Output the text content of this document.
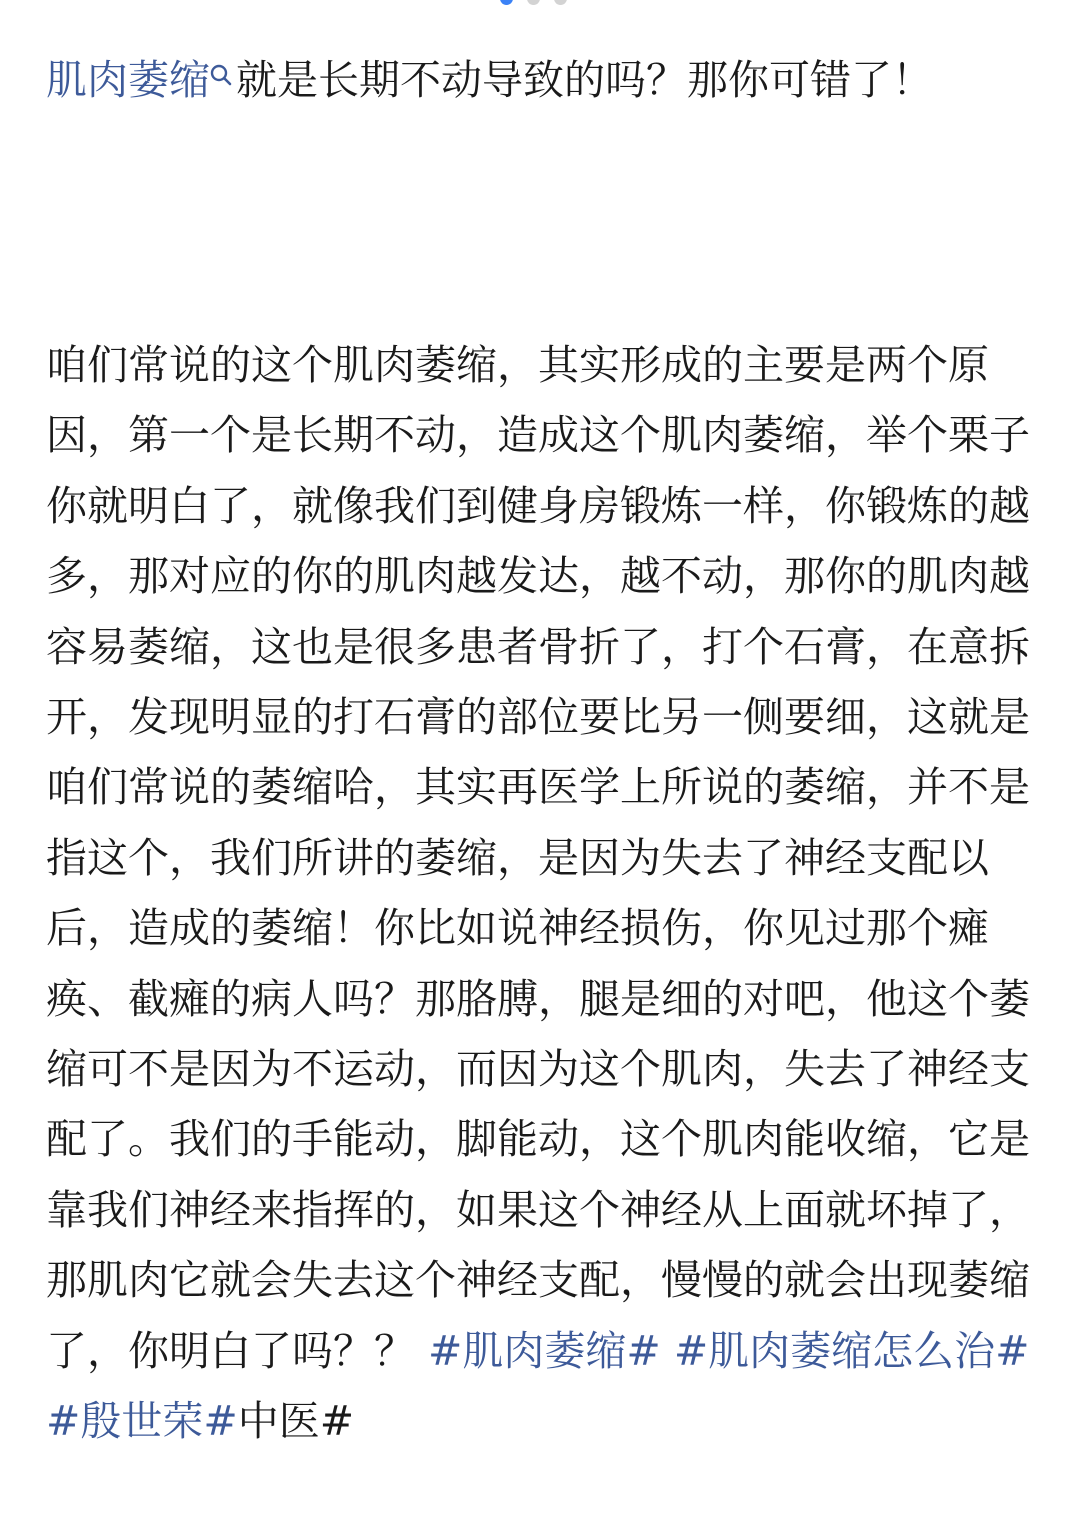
肌肉萎缩 就是长期不动导致的吗？那你可错了！
咱们常说的这个肌肉萎缩，其实形成的主要是两个原因，第一个是长期不动，造成这个肌肉萎缩，举个栗子你就明白了，就像我们到健身房锻炼一样，你锻炼的越多，那对应的你的肌肉越发达，越不动，那你的肌肉越容易萎缩，这也是很多患者骨折了，打个石膏，在意拆开，发现明显的打石膏的部位要比另一侧要细，这就是咱们常说的萎缩哈，其实再医学上所说的萎缩，并不是指这个，我们所讲的萎缩，是因为失去了神经支配以后，造成的萎缩！你比如说神经损伤，你见过那个瘫痪、截瘫的病人吗？那胳膊，腿是细的对吧，他这个萎缩可不是因为不运动，而因为这个肌肉，失去了神经支配了。我们的手能动，脚能动，这个肌肉能收缩，它是靠我们神经来指挥的，如果这个神经从上面就坏掉了，那肌肉它就会失去这个神经支配，慢慢的就会出现萎缩了，你明白了吗？？ #肌肉萎缩# #肌肉萎缩怎么治# #殷世荣#中医#
